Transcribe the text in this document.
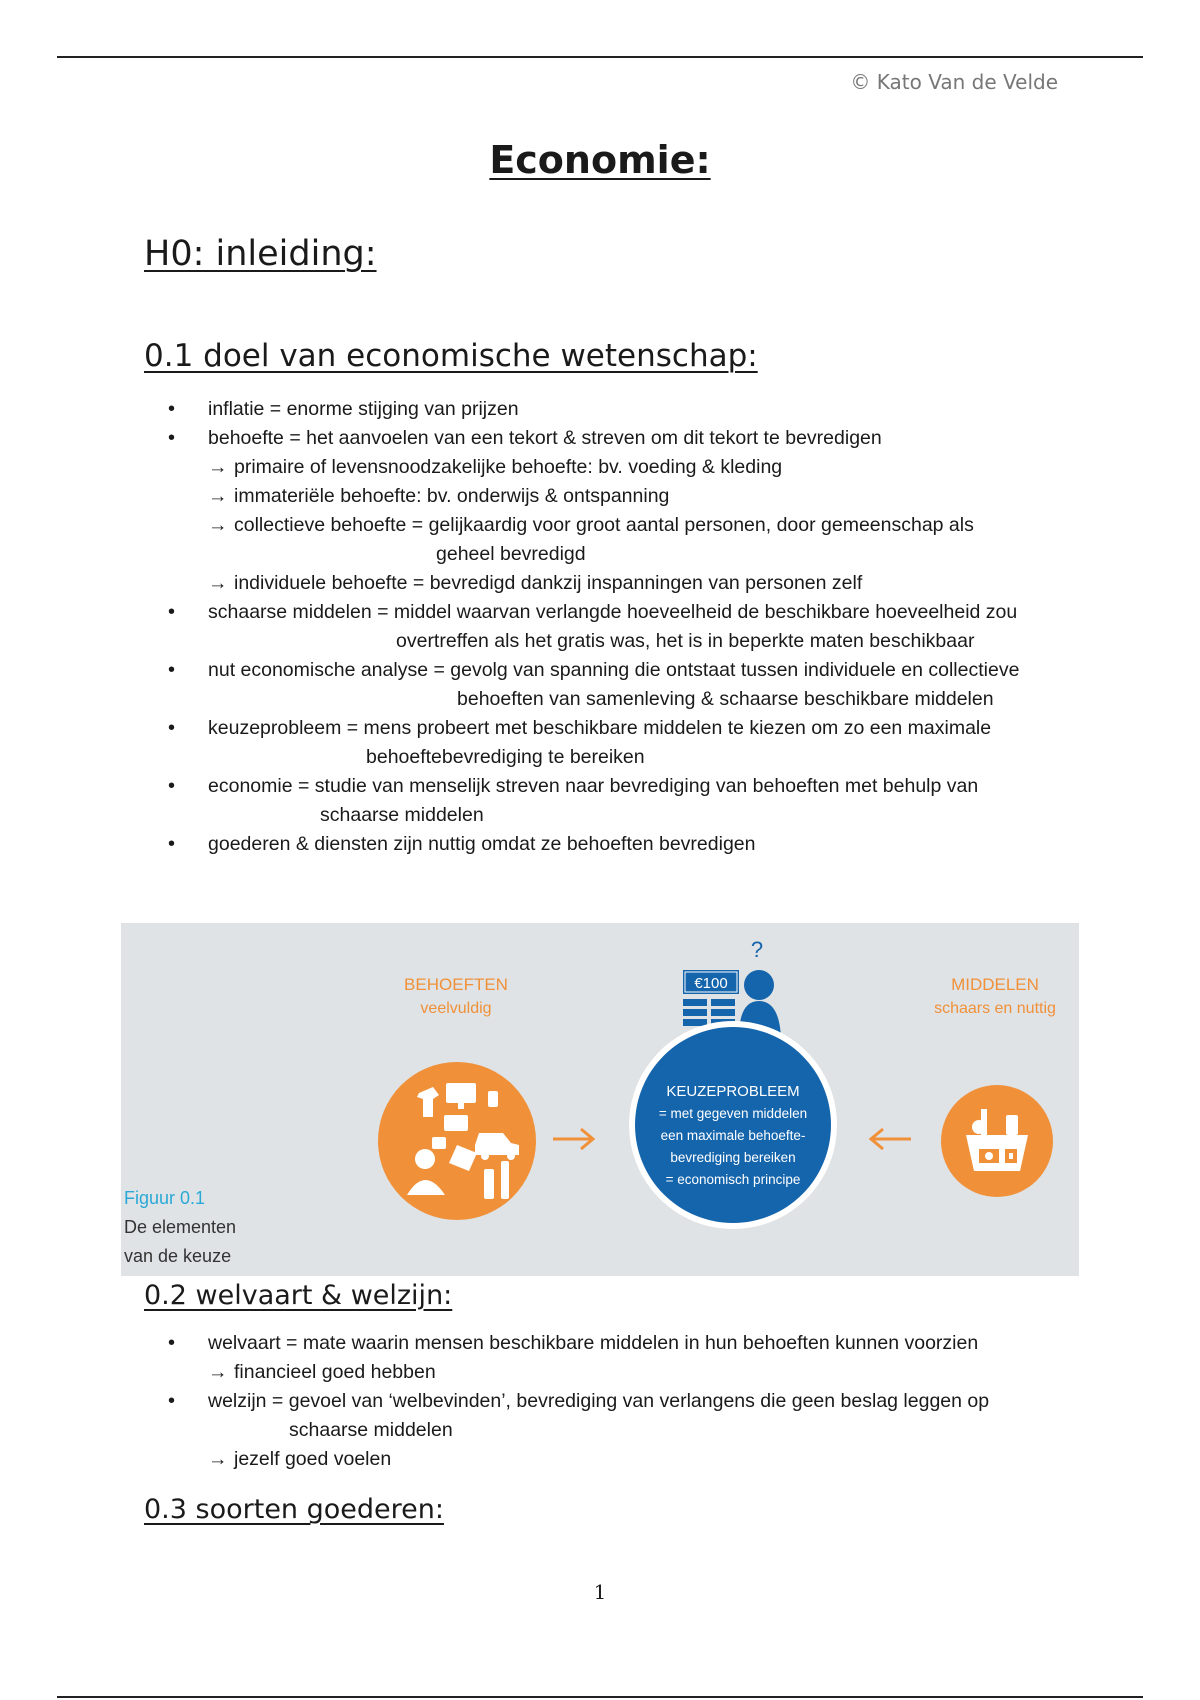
© Kato Van de Velde
Economie:
H0: inleiding:
0.1 doel van economische wetenschap:
• inflatie = enorme stijging van prijzen
• behoefte = het aanvoelen van een tekort & streven om dit tekort te bevredigen
→ primaire of levensnoodzakelijke behoefte: bv. voeding & kleding
→ immateriële behoefte: bv. onderwijs & ontspanning
→ collectieve behoefte = gelijkaardig voor groot aantal personen, door gemeenschap als
geheel bevredigd
→ individuele behoefte = bevredigd dankzij inspanningen van personen zelf
• schaarse middelen = middel waarvan verlangde hoeveelheid de beschikbare hoeveelheid zou
overtreffen als het gratis was, het is in beperkte maten beschikbaar
• nut economische analyse = gevolg van spanning die ontstaat tussen individuele en collectieve
behoeften van samenleving & schaarse beschikbare middelen
• keuzeprobleem = mens probeert met beschikbare middelen te kiezen om zo een maximale
behoeftebevrediging te bereiken
• economie = studie van menselijk streven naar bevrediging van behoeften met behulp van
schaarse middelen
• goederen & diensten zijn nuttig omdat ze behoeften bevredigen
BEHOEFTEN
veelvuldig
MIDDELEN
schaars en nuttig
?
€100
KEUZEPROBLEEM
= met gegeven middelen
een maximale behoefte-
bevrediging bereiken
= economisch principe
Figuur 0.1
De elementen
van de keuze
0.2 welvaart & welzijn:
• welvaart = mate waarin mensen beschikbare middelen in hun behoeften kunnen voorzien
→ financieel goed hebben
• welzijn = gevoel van ‘welbevinden’, bevrediging van verlangens die geen beslag leggen op
schaarse middelen
→ jezelf goed voelen
0.3 soorten goederen:
1
